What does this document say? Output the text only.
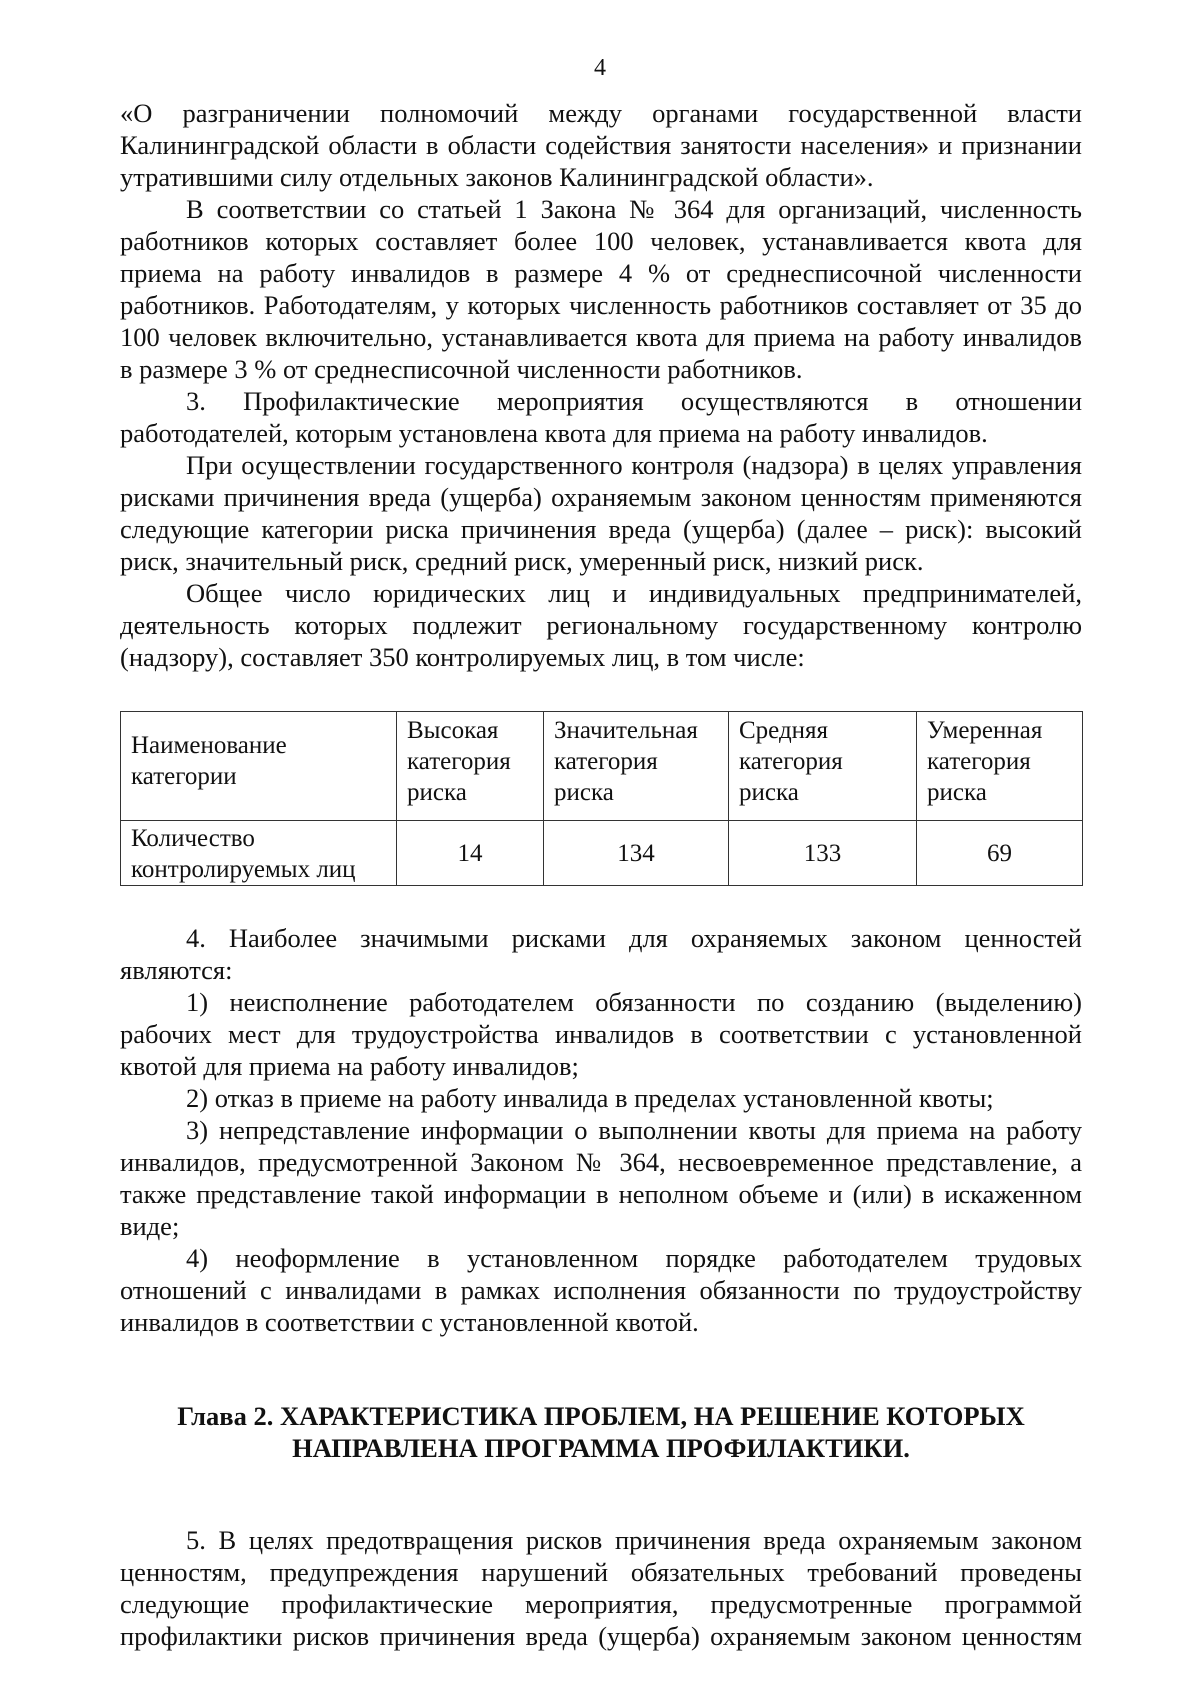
4

«О разграничении полномочий между органами государственной власти Калининградской области в области содействия занятости населения» и признании утратившими силу отдельных законов Калининградской области».

В соответствии со статьей 1 Закона № 364 для организаций, численность работников которых составляет более 100 человек, устанавливается квота для приема на работу инвалидов в размере 4 % от среднесписочной численности работников. Работодателям, у которых численность работников составляет от 35 до 100 человек включительно, устанавливается квота для приема на работу инвалидов в размере 3 % от среднесписочной численности работников.

3. Профилактические мероприятия осуществляются в отношении работодателей, которым установлена квота для приема на работу инвалидов.

При осуществлении государственного контроля (надзора) в целях управления рисками причинения вреда (ущерба) охраняемым законом ценностям применяются следующие категории риска причинения вреда (ущерба) (далее – риск): высокий риск, значительный риск, средний риск, умеренный риск, низкий риск.

Общее число юридических лиц и индивидуальных предпринимателей, деятельность которых подлежит региональному государственному контролю (надзору), составляет 350 контролируемых лиц, в том числе:

Наименование категории	Высокая категория риска	Значительная категория риска	Средняя категория риска	Умеренная категория риска
Количество контролируемых лиц	14	134	133	69

4. Наиболее значимыми рисками для охраняемых законом ценностей являются:

1) неисполнение работодателем обязанности по созданию (выделению) рабочих мест для трудоустройства инвалидов в соответствии с установленной квотой для приема на работу инвалидов;

2) отказ в приеме на работу инвалида в пределах установленной квоты;

3) непредставление информации о выполнении квоты для приема на работу инвалидов, предусмотренной Законом № 364, несвоевременное представление, а также представление такой информации в неполном объеме и (или) в искаженном виде;

4) неоформление в установленном порядке работодателем трудовых отношений с инвалидами в рамках исполнения обязанности по трудоустройству инвалидов в соответствии с установленной квотой.

Глава 2. ХАРАКТЕРИСТИКА ПРОБЛЕМ, НА РЕШЕНИЕ КОТОРЫХ
НАПРАВЛЕНА ПРОГРАММА ПРОФИЛАКТИКИ.

5. В целях предотвращения рисков причинения вреда охраняемым законом ценностям, предупреждения нарушений обязательных требований проведены следующие профилактические мероприятия, предусмотренные программой профилактики рисков причинения вреда (ущерба) охраняемым законом ценностям
